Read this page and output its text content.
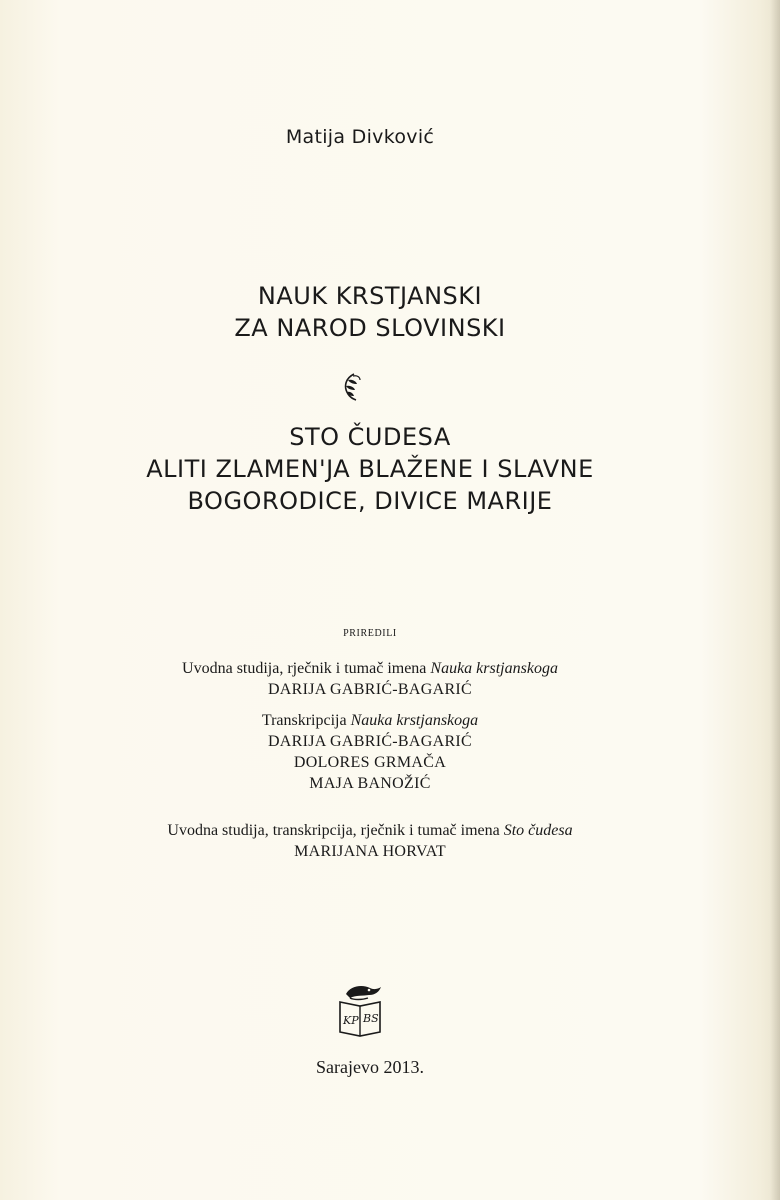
Matija Divković
NAUK KRSTJANSKI
ZA NAROD SLOVINSKI
STO ČUDESA
ALITI ZLAMEN'JA BLAŽENE I SLAVNE
BOGORODICE, DIVICE MARIJE
PRIREDILI
Uvodna studija, rječnik i tumač imena Nauka krstjanskoga
DARIJA GABRIĆ-BAGARIĆ
Transkripcija Nauka krstjanskoga
DARIJA GABRIĆ-BAGARIĆ
DOLORES GRMAČA
MAJA BANOŽIĆ
Uvodna studija, transkripcija, rječnik i tumač imena Sto čudesa
MARIJANA HORVAT
KP BS
Sarajevo 2013.
